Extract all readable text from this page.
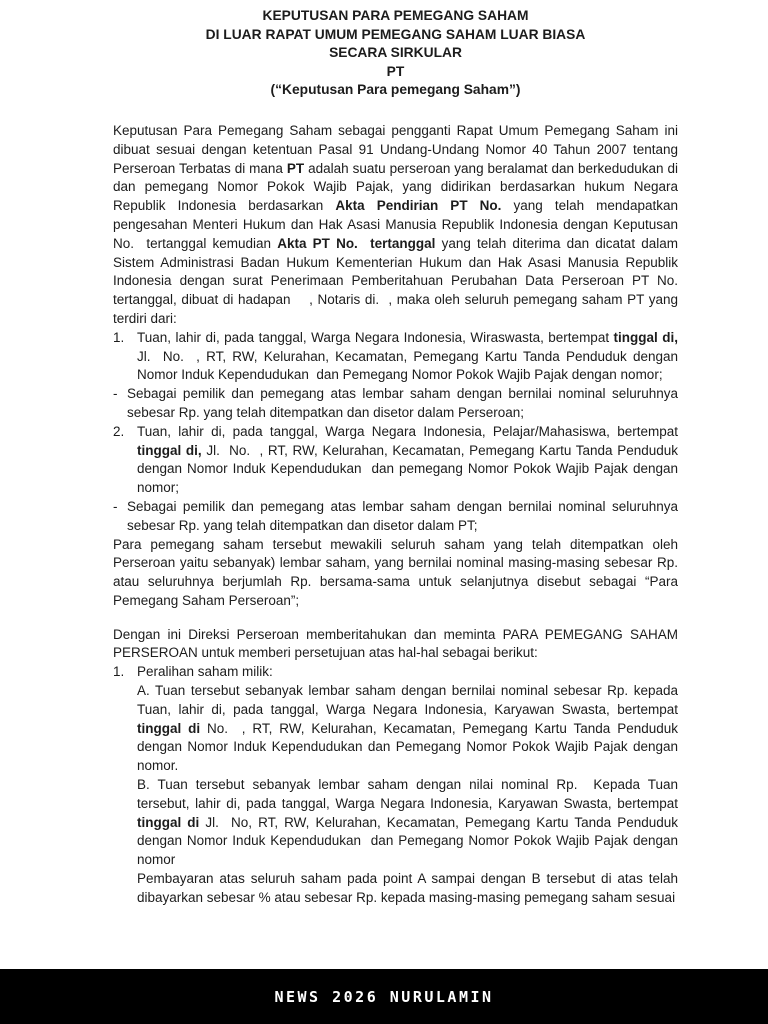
KEPUTUSAN PARA PEMEGANG SAHAM
DI LUAR RAPAT UMUM PEMEGANG SAHAM LUAR BIASA
SECARA SIRKULAR
PT
(“Keputusan Para pemegang Saham”)

Keputusan Para Pemegang Saham sebagai pengganti Rapat Umum Pemegang Saham ini dibuat sesuai dengan ketentuan Pasal 91 Undang-Undang Nomor 40 Tahun 2007 tentang Perseroan Terbatas di mana PT adalah suatu perseroan yang beralamat dan berkedudukan di dan pemegang Nomor Pokok Wajib Pajak, yang didirikan berdasarkan hukum Negara Republik Indonesia berdasarkan Akta Pendirian PT No. yang telah mendapatkan pengesahan Menteri Hukum dan Hak Asasi Manusia Republik Indonesia dengan Keputusan No.  tertanggal kemudian Akta PT No.  tertanggal yang telah diterima dan dicatat dalam Sistem Administrasi Badan Hukum Kementerian Hukum dan Hak Asasi Manusia Republik Indonesia dengan surat Penerimaan Pemberitahuan Perubahan Data Perseroan PT No. tertanggal, dibuat di hadapan    , Notaris di.  , maka oleh seluruh pemegang saham PT yang terdiri dari:

1. Tuan, lahir di, pada tanggal, Warga Negara Indonesia, Wiraswasta, bertempat tinggal di, Jl.  No.  , RT, RW, Kelurahan, Kecamatan, Pemegang Kartu Tanda Penduduk dengan Nomor Induk Kependudukan  dan Pemegang Nomor Pokok Wajib Pajak dengan nomor;
- Sebagai pemilik dan pemegang atas lembar saham dengan bernilai nominal seluruhnya sebesar Rp. yang telah ditempatkan dan disetor dalam Perseroan;
2. Tuan, lahir di, pada tanggal, Warga Negara Indonesia, Pelajar/Mahasiswa, bertempat tinggal di, Jl.  No.  , RT, RW, Kelurahan, Kecamatan, Pemegang Kartu Tanda Penduduk dengan Nomor Induk Kependudukan  dan pemegang Nomor Pokok Wajib Pajak dengan nomor;
- Sebagai pemilik dan pemegang atas lembar saham dengan bernilai nominal seluruhnya sebesar Rp. yang telah ditempatkan dan disetor dalam PT;

Para pemegang saham tersebut mewakili seluruh saham yang telah ditempatkan oleh Perseroan yaitu sebanyak) lembar saham, yang bernilai nominal masing-masing sebesar Rp. atau seluruhnya berjumlah Rp. bersama-sama untuk selanjutnya disebut sebagai “Para Pemegang Saham Perseroan”;

Dengan ini Direksi Perseroan memberitahukan dan meminta PARA PEMEGANG SAHAM PERSEROAN untuk memberi persetujuan atas hal-hal sebagai berikut:

1. Peralihan saham milik:

A. Tuan tersebut sebanyak lembar saham dengan bernilai nominal sebesar Rp. kepada Tuan, lahir di, pada tanggal, Warga Negara Indonesia, Karyawan Swasta, bertempat tinggal di No.  , RT, RW, Kelurahan, Kecamatan, Pemegang Kartu Tanda Penduduk dengan Nomor Induk Kependudukan dan Pemegang Nomor Pokok Wajib Pajak dengan nomor.

B. Tuan tersebut sebanyak lembar saham dengan nilai nominal Rp.  Kepada Tuan tersebut, lahir di, pada tanggal, Warga Negara Indonesia, Karyawan Swasta, bertempat tinggal di Jl.  No, RT, RW, Kelurahan, Kecamatan, Pemegang Kartu Tanda Penduduk dengan Nomor Induk Kependudukan  dan Pemegang Nomor Pokok Wajib Pajak dengan nomor

Pembayaran atas seluruh saham pada point A sampai dengan B tersebut di atas telah dibayarkan sebesar % atau sebesar Rp. kepada masing-masing pemegang saham sesuai

NEWS 2026 NURULAMIN
